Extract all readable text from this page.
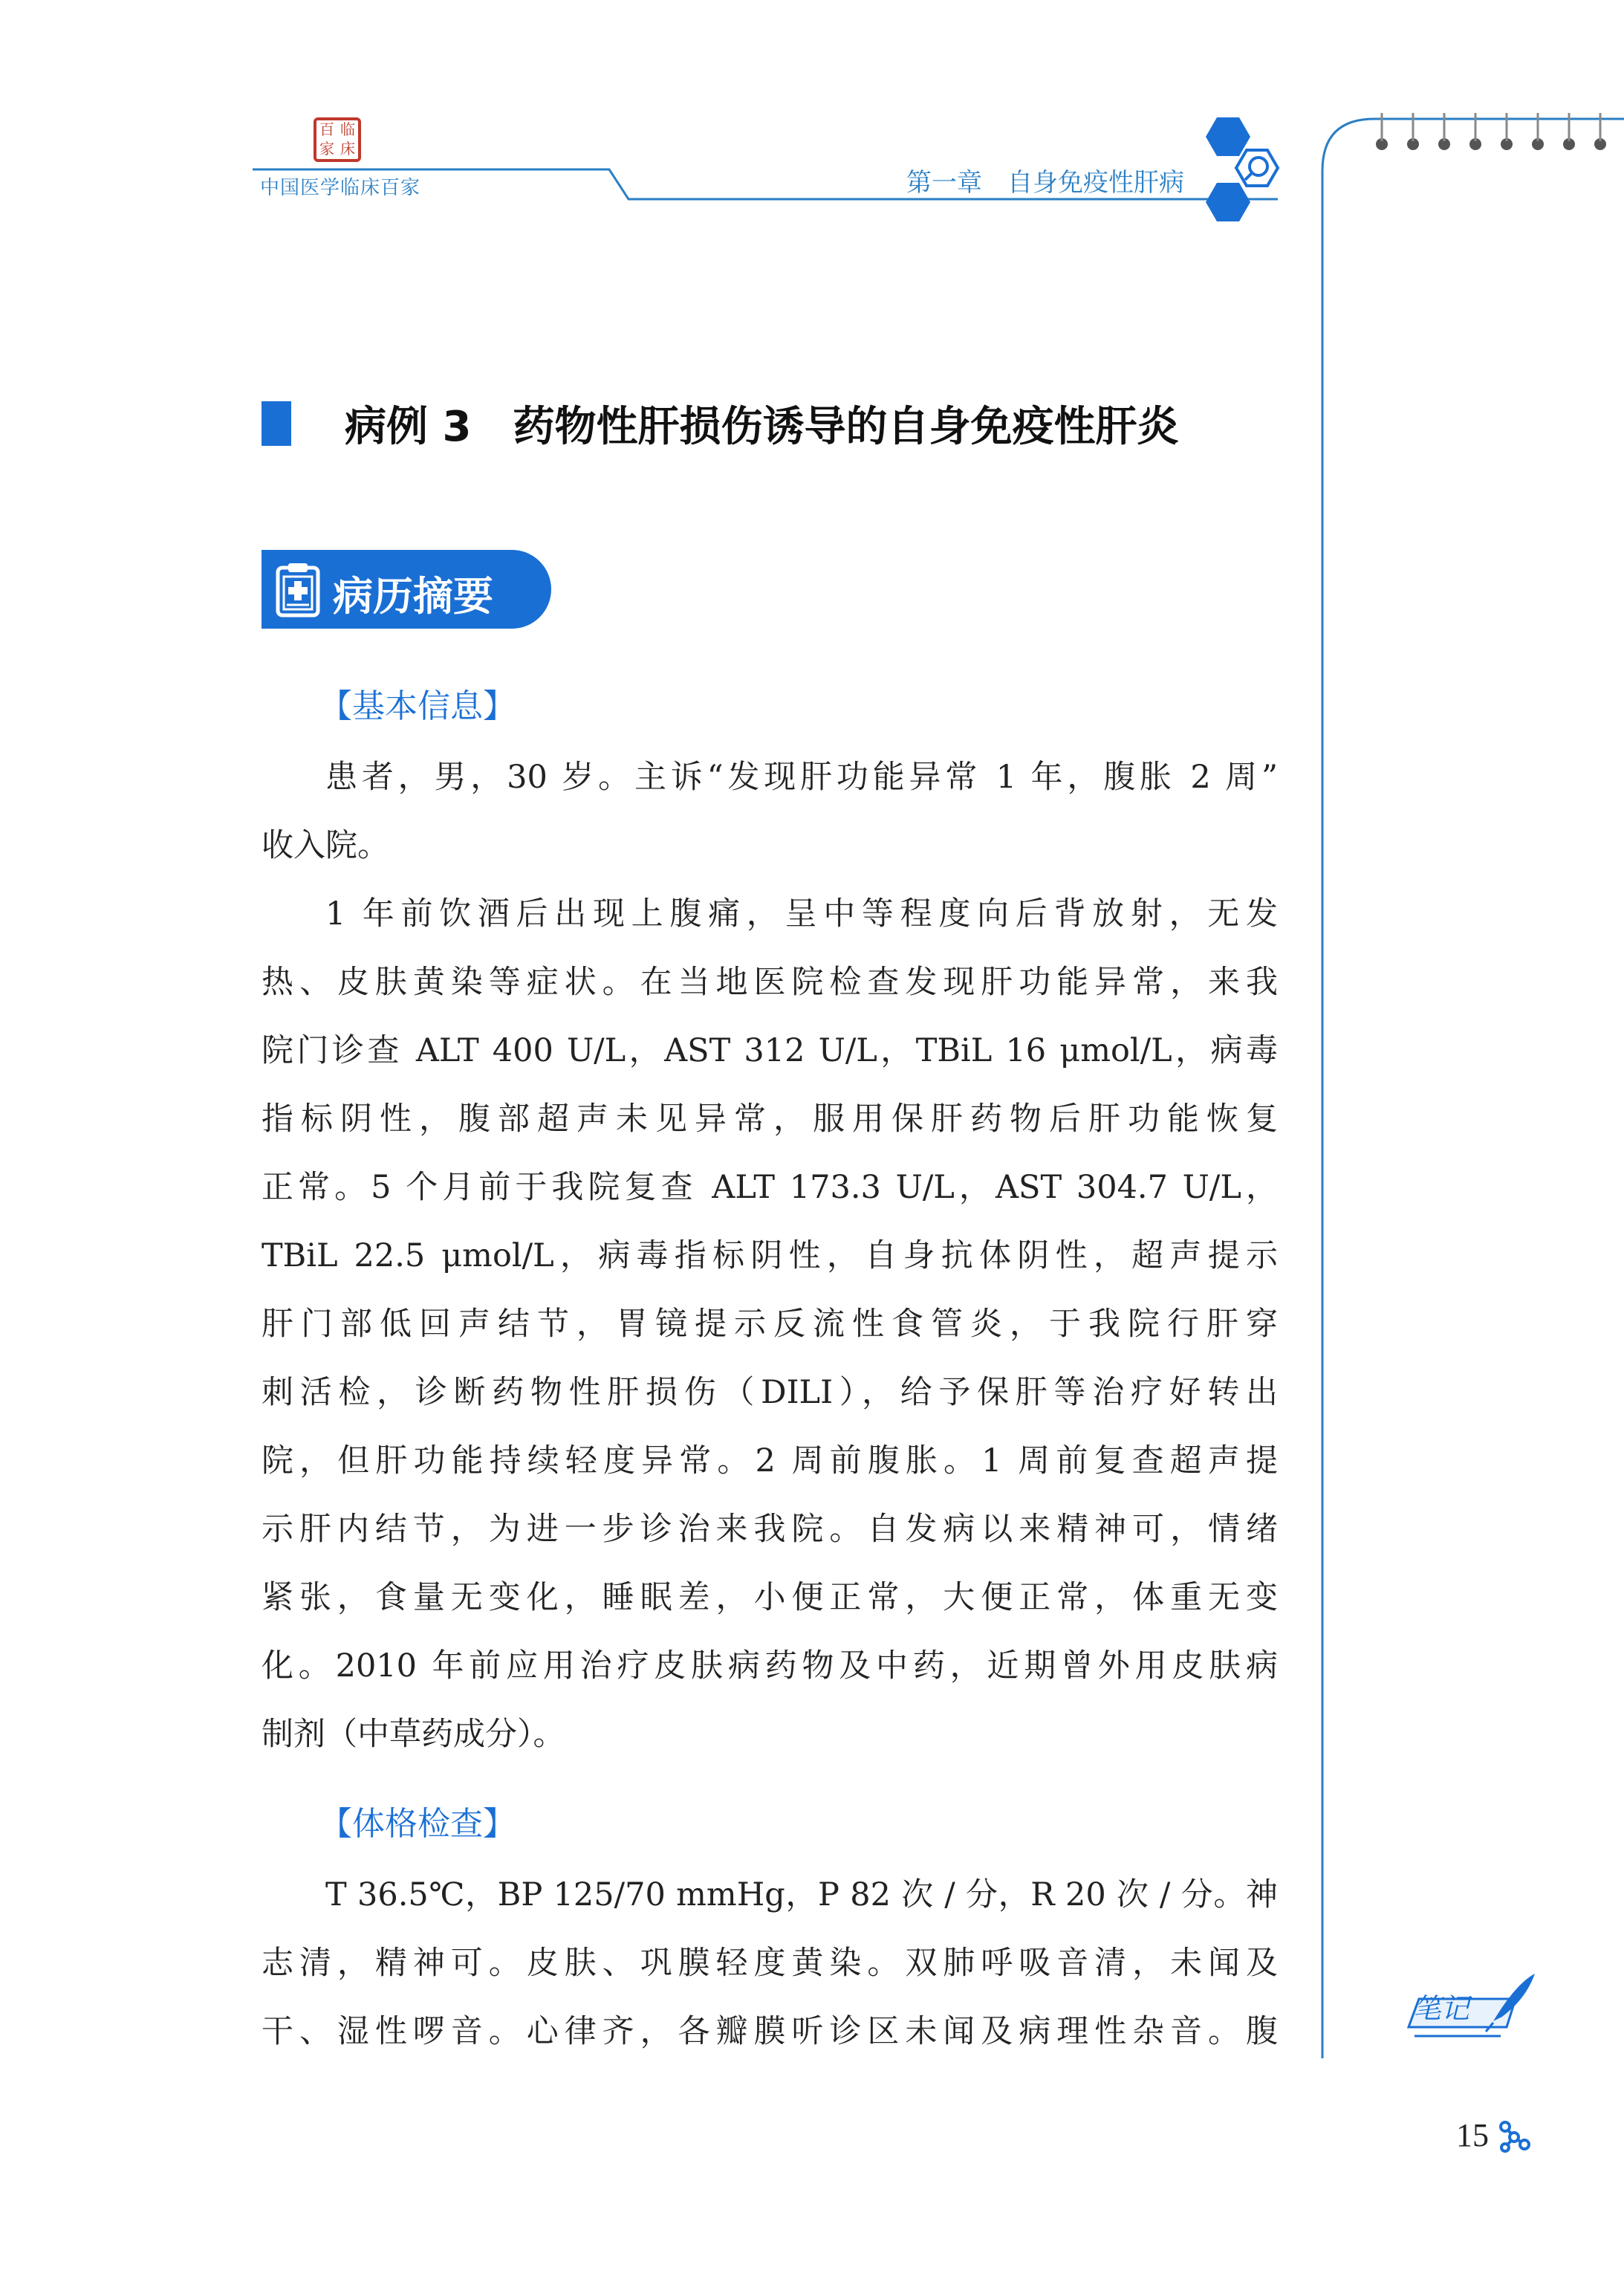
百 临
家 床
中国医学临床百家	第一章　自身免疫性肝病
病例 3　药物性肝损伤诱导的自身免疫性肝炎
病历摘要
【基本信息】
患者，男，30 岁。主诉“发现肝功能异常 1 年，腹胀 2 周”
收入院。
1 年前饮酒后出现上腹痛，呈中等程度向后背放射，无发
热、皮肤黄染等症状。在当地医院检查发现肝功能异常，来我
院门诊查 ALT 400 U/L，AST 312 U/L，TBiL 16 μmol/L，病毒
指标阴性，腹部超声未见异常，服用保肝药物后肝功能恢复
正常。5 个月前于我院复查 ALT 173.3 U/L，AST 304.7 U/L，
TBiL 22.5 μmol/L，病毒指标阴性，自身抗体阴性，超声提示
肝门部低回声结节，胃镜提示反流性食管炎，于我院行肝穿
刺活检，诊断药物性肝损伤（DILI），给予保肝等治疗好转出
院，但肝功能持续轻度异常。2 周前腹胀。1 周前复查超声提
示肝内结节，为进一步诊治来我院。自发病以来精神可，情绪
紧张，食量无变化，睡眠差，小便正常，大便正常，体重无变
化。2010 年前应用治疗皮肤病药物及中药，近期曾外用皮肤病
制剂（中草药成分）。
【体格检查】
T 36.5℃，BP 125/70 mmHg，P 82 次 / 分，R 20 次 / 分。神
志清，精神可。皮肤、巩膜轻度黄染。双肺呼吸音清，未闻及
干、湿性啰音。心律齐，各瓣膜听诊区未闻及病理性杂音。腹
笔记
15
